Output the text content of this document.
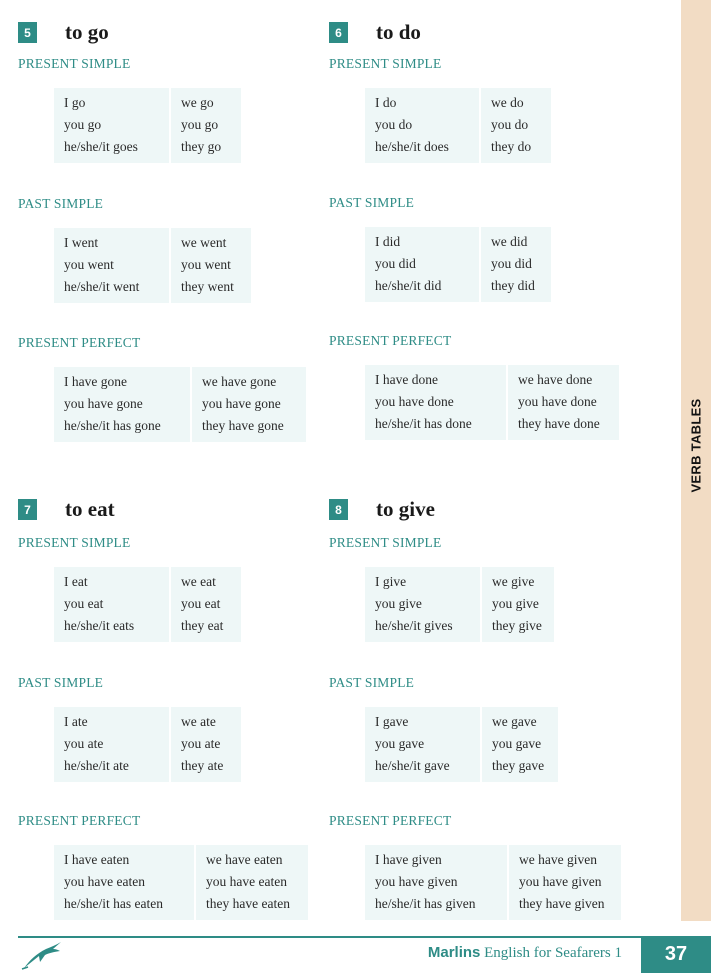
VERB TABLES
5 to go
PRESENT SIMPLE
I go
you go
he/she/it goes
we go
you go
they go
PAST SIMPLE
I went
you went
he/she/it went
we went
you went
they went
PRESENT PERFECT
I have gone
you have gone
he/she/it has gone
we have gone
you have gone
they have gone
6 to do
PRESENT SIMPLE
I do
you do
he/she/it does
we do
you do
they do
PAST SIMPLE
I did
you did
he/she/it did
we did
you did
they did
PRESENT PERFECT
I have done
you have done
he/she/it has done
we have done
you have done
they have done
7 to eat
PRESENT SIMPLE
I eat
you eat
he/she/it eats
we eat
you eat
they eat
PAST SIMPLE
I ate
you ate
he/she/it ate
we ate
you ate
they ate
PRESENT PERFECT
I have eaten
you have eaten
he/she/it has eaten
we have eaten
you have eaten
they have eaten
8 to give
PRESENT SIMPLE
I give
you give
he/she/it gives
we give
you give
they give
PAST SIMPLE
I gave
you gave
he/she/it gave
we gave
you gave
they gave
PRESENT PERFECT
I have given
you have given
he/she/it has given
we have given
you have given
they have given
Marlins English for Seafarers 1	37
